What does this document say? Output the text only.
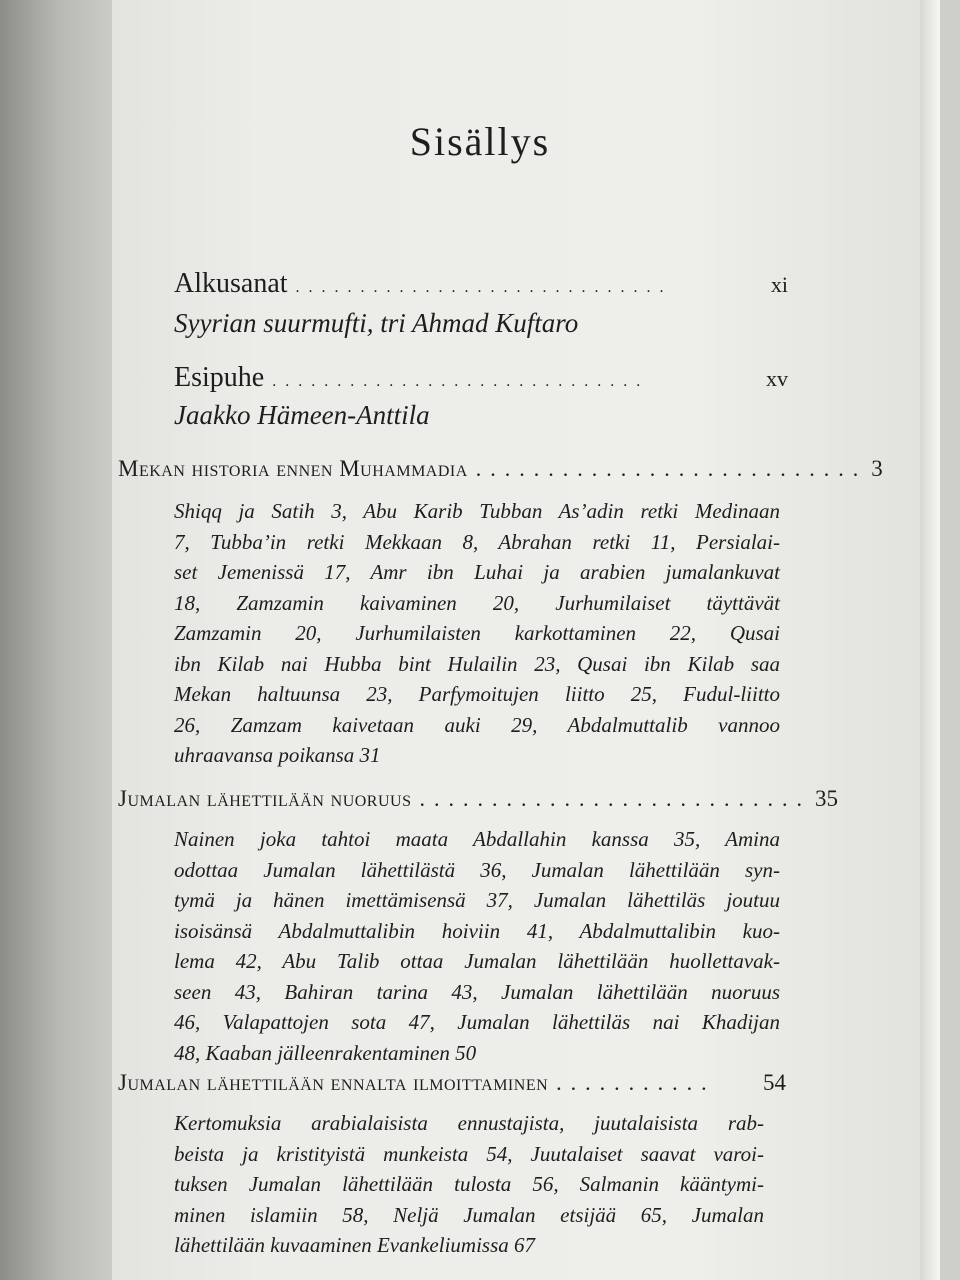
Sisällys
Alkusanat .............................	xi
Syyrian suurmufti, tri Ahmad Kuftaro
Esipuhe .............................	xv
Jaakko Hämeen-Anttila
Mekan historia ennen Muhammadia ........................... 3
Shiqq ja Satih 3, Abu Karib Tubban As’adin retki Medinaan
7, Tubba’in retki Mekkaan 8, Abrahan retki 11, Persialai-
set Jemenissä 17, Amr ibn Luhai ja arabien jumalankuvat
18, Zamzamin kaivaminen 20, Jurhumilaiset täyttävät
Zamzamin 20, Jurhumilaisten karkottaminen 22, Qusai
ibn Kilab nai Hubba bint Hulailin 23, Qusai ibn Kilab saa
Mekan haltuunsa 23, Parfymoitujen liitto 25, Fudul-liitto
26, Zamzam kaivetaan auki 29, Abdalmuttalib vannoo
uhraavansa poikansa 31
Jumalan lähettilään nuoruus ........................... 35
Nainen joka tahtoi maata Abdallahin kanssa 35, Amina
odottaa Jumalan lähettilästä 36, Jumalan lähettilään syn-
tymä ja hänen imettämisensä 37, Jumalan lähettiläs joutuu
isoisänsä Abdalmuttalibin hoiviin 41, Abdalmuttalibin kuo-
lema 42, Abu Talib ottaa Jumalan lähettilään huollettavak-
seen 43, Bahiran tarina 43, Jumalan lähettilään nuoruus
46, Valapattojen sota 47, Jumalan lähettiläs nai Khadijan
48, Kaaban jälleenrakentaminen 50
Jumalan lähettilään ennalta ilmoittaminen ...........	54
Kertomuksia arabialaisista ennustajista, juutalaisista rab-
beista ja kristityistä munkeista 54, Juutalaiset saavat varoi-
tuksen Jumalan lähettilään tulosta 56, Salmanin kääntymi-
minen islamiin 58, Neljä Jumalan etsijää 65, Jumalan
lähettilään kuvaaminen Evankeliumissa 67
